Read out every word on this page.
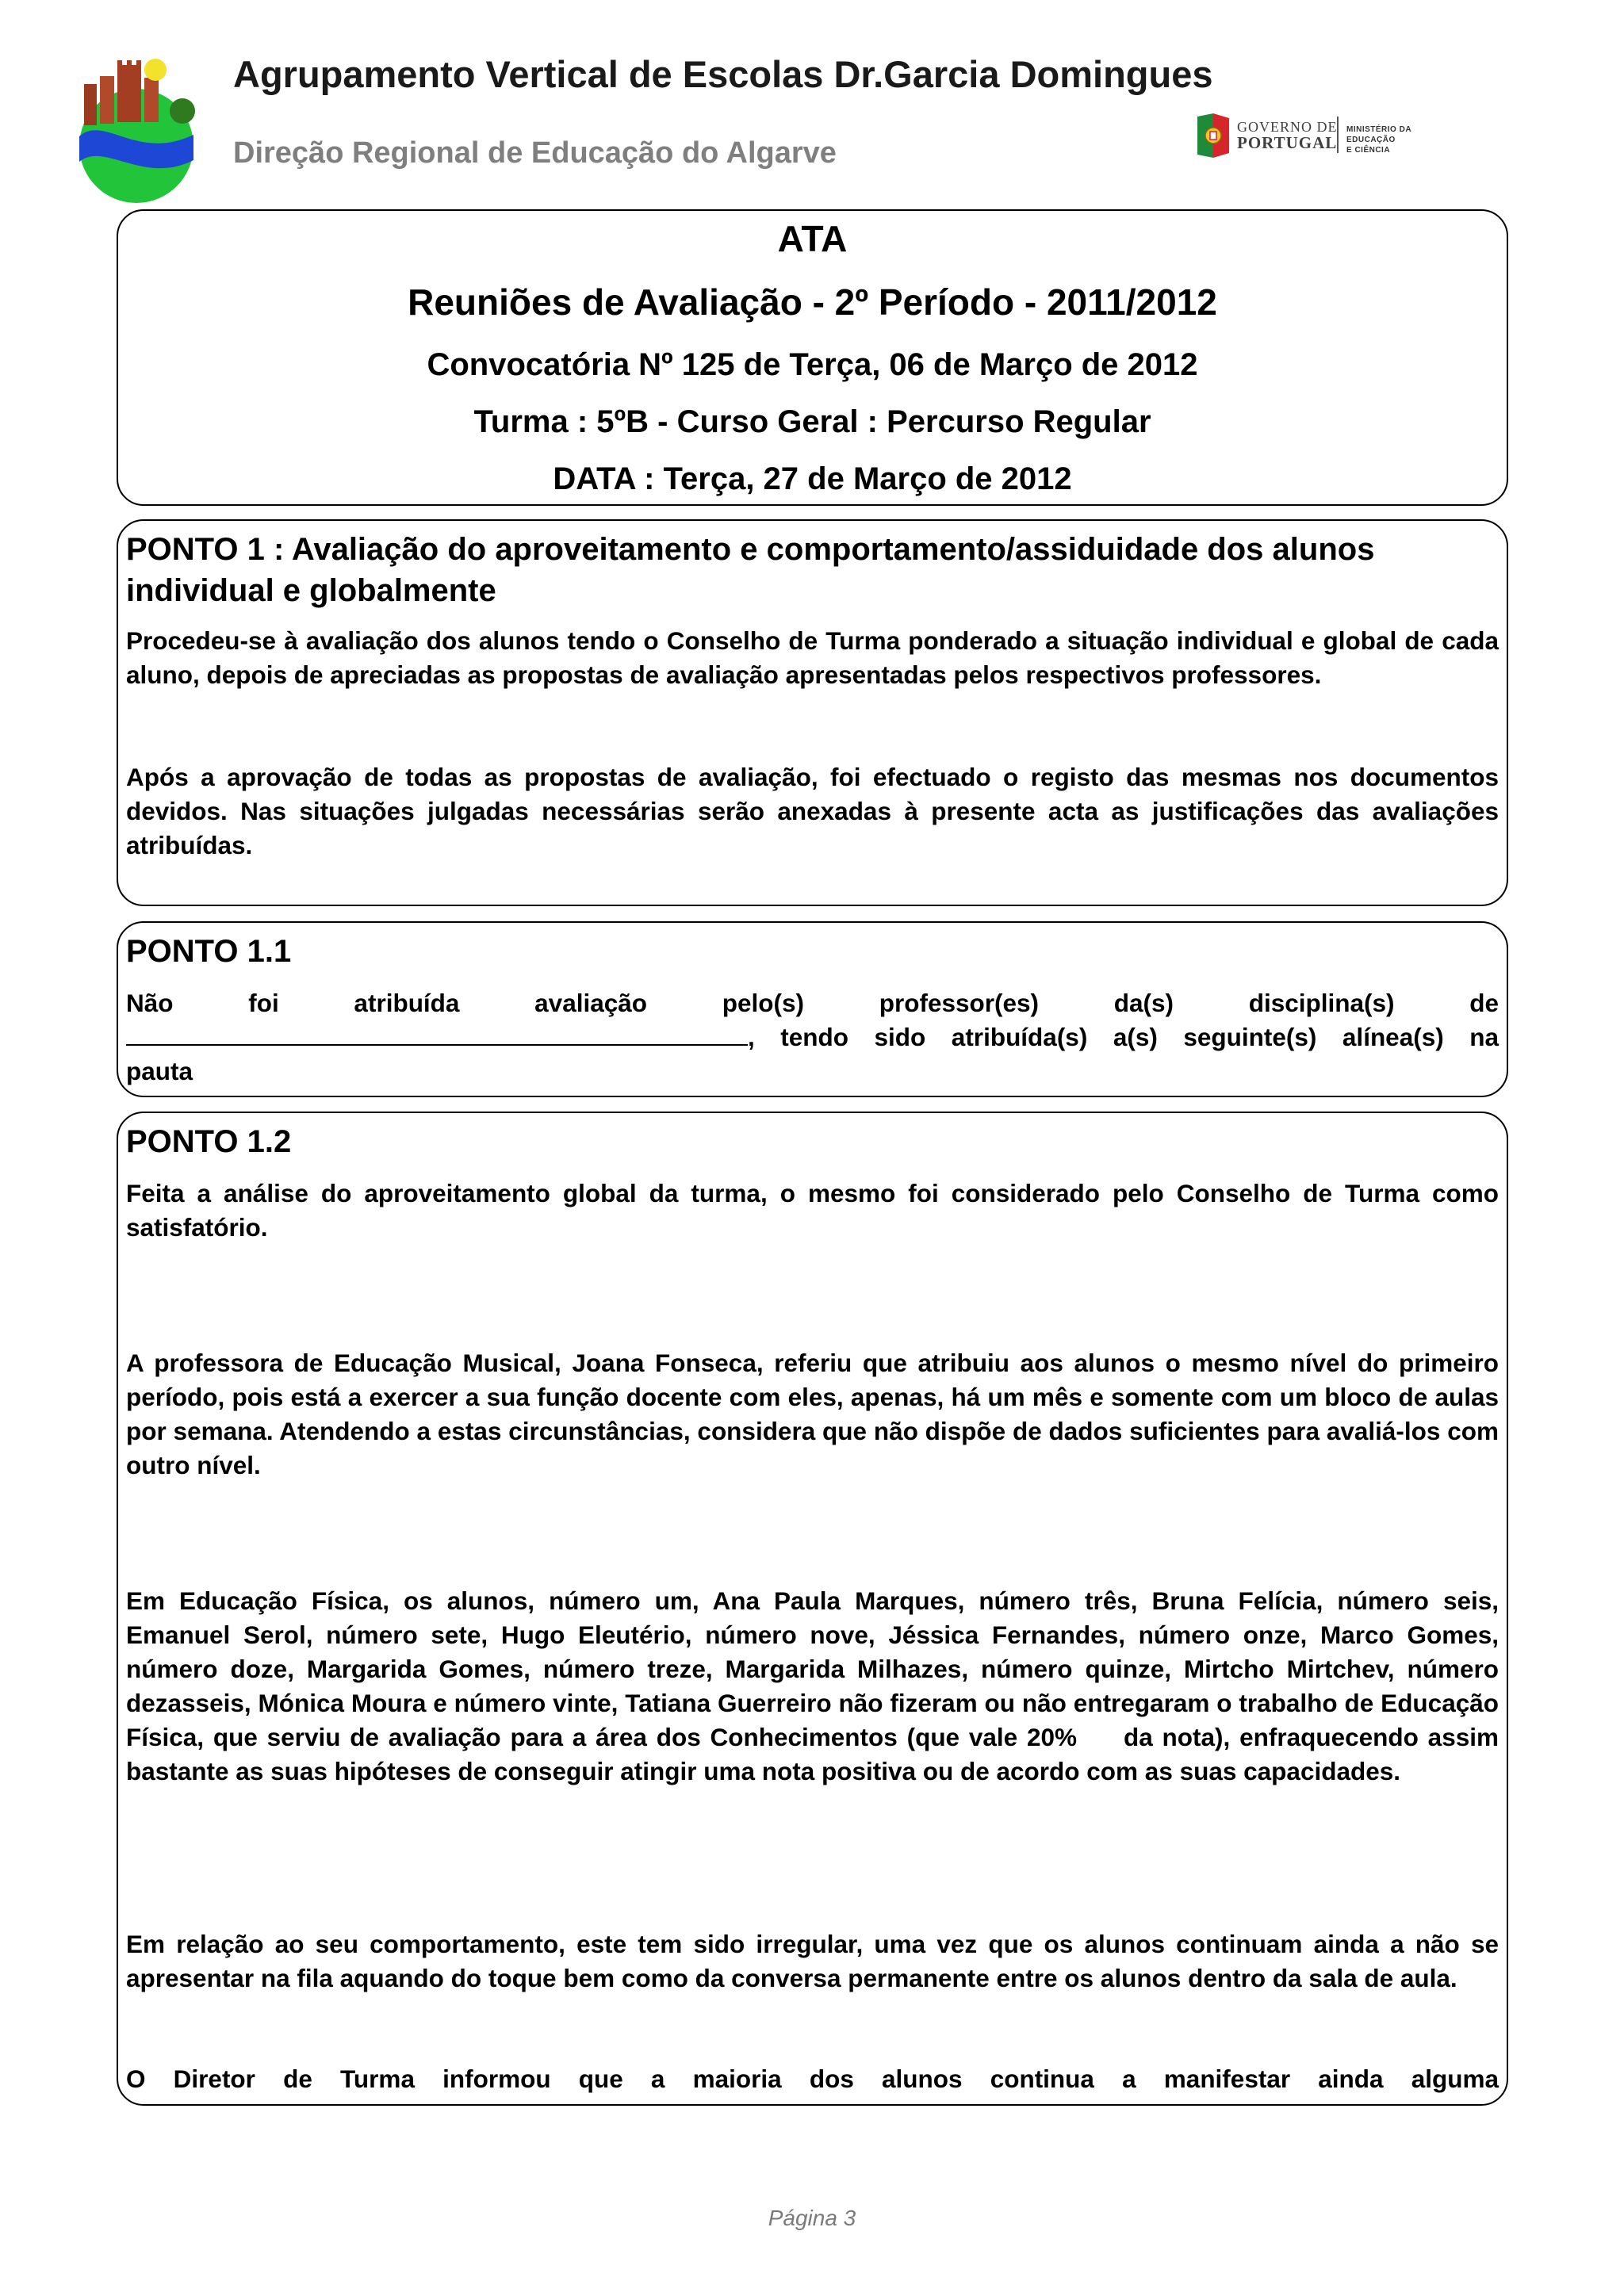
Agrupamento Vertical de Escolas Dr.Garcia Domingues
Direção Regional de Educação do Algarve
GOVERNO DE
PORTUGAL
MINISTÉRIO DA EDUCAÇÃO
E CIÊNCIA
ATA
Reuniões de Avaliação - 2º Período - 2011/2012
Convocatória Nº 125 de Terça, 06 de Março de 2012
Turma : 5ºB - Curso Geral : Percurso Regular
DATA : Terça, 27 de Março de 2012
PONTO 1 : Avaliação do aproveitamento e comportamento/assiduidade dos alunos individual e globalmente
Procedeu-se à avaliação dos alunos tendo o Conselho de Turma ponderado a situação individual e global de cada aluno, depois de apreciadas as propostas de avaliação apresentadas pelos respectivos professores.
Após a aprovação de todas as propostas de avaliação, foi efectuado o registo das mesmas nos documentos devidos. Nas situações julgadas necessárias serão anexadas à presente acta as justificações das avaliações atribuídas.
PONTO 1.1
Não foi atribuída avaliação pelo(s) professor(es) da(s) disciplina(s) de
, tendo sido atribuída(s) a(s) seguinte(s) alínea(s) na
pauta
PONTO 1.2
Feita a análise do aproveitamento global da turma, o mesmo foi considerado pelo Conselho de Turma como satisfatório.
A professora de Educação Musical, Joana Fonseca, referiu que atribuiu aos alunos o mesmo nível do primeiro período, pois está a exercer a sua função docente com eles, apenas, há um mês e somente com um bloco de aulas por semana. Atendendo a estas circunstâncias, considera que não dispõe de dados suficientes para avaliá-los com outro nível.
Em Educação Física, os alunos, número um, Ana Paula Marques, número três, Bruna Felícia, número seis, Emanuel Serol, número sete, Hugo Eleutério, número nove, Jéssica Fernandes, número onze, Marco Gomes, número doze, Margarida Gomes, número treze, Margarida Milhazes, número quinze, Mirtcho Mirtchev, número dezasseis, Mónica Moura e número vinte, Tatiana Guerreiro não fizeram ou não entregaram o trabalho de Educação Física, que serviu de avaliação para a área dos Conhecimentos (que vale 20%     da nota), enfraquecendo assim bastante as suas hipóteses de conseguir atingir uma nota positiva ou de acordo com as suas capacidades.
Em relação ao seu comportamento, este tem sido irregular, uma vez que os alunos continuam ainda a não se apresentar na fila aquando do toque bem como da conversa permanente entre os alunos dentro da sala de aula.
O Diretor de Turma informou que a maioria dos alunos continua a manifestar ainda alguma
Página 3
